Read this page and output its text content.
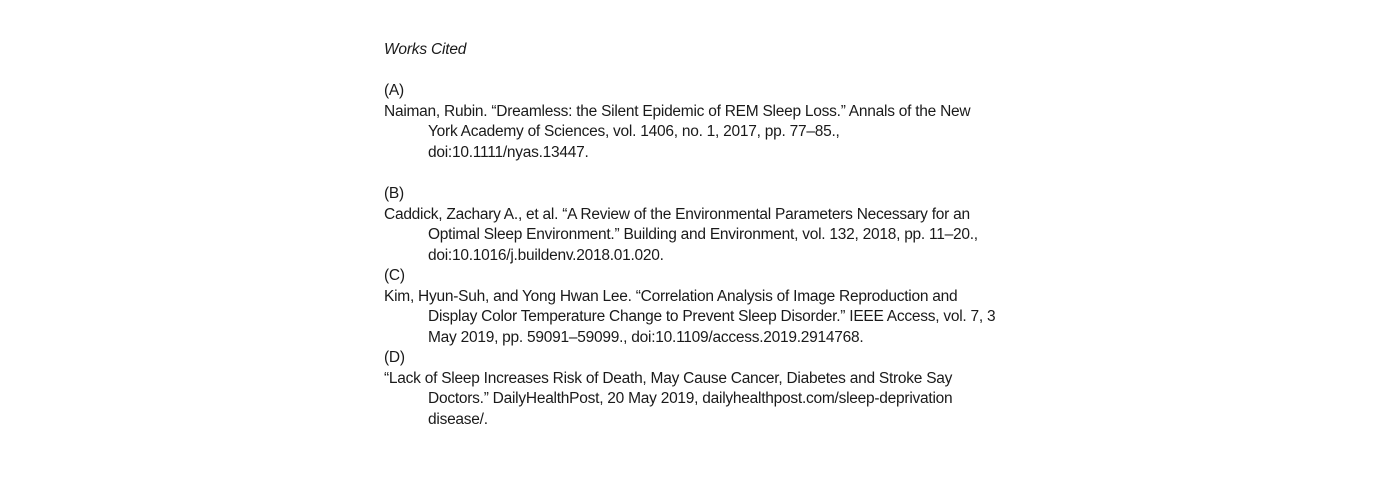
Works Cited

(A)
Naiman, Rubin. “Dreamless: the Silent Epidemic of REM Sleep Loss.” Annals of the New
York Academy of Sciences, vol. 1406, no. 1, 2017, pp. 77–85.,
doi:10.1111/nyas.13447.
(B)
Caddick, Zachary A., et al. “A Review of the Environmental Parameters Necessary for an
Optimal Sleep Environment.” Building and Environment, vol. 132, 2018, pp. 11–20.,
doi:10.1016/j.buildenv.2018.01.020.
(C)
Kim, Hyun-Suh, and Yong Hwan Lee. “Correlation Analysis of Image Reproduction and
Display Color Temperature Change to Prevent Sleep Disorder.” IEEE Access, vol. 7, 3
May 2019, pp. 59091–59099., doi:10.1109/access.2019.2914768.
(D)
“Lack of Sleep Increases Risk of Death, May Cause Cancer, Diabetes and Stroke Say
Doctors.” DailyHealthPost, 20 May 2019, dailyhealthpost.com/sleep-deprivation
disease/.
